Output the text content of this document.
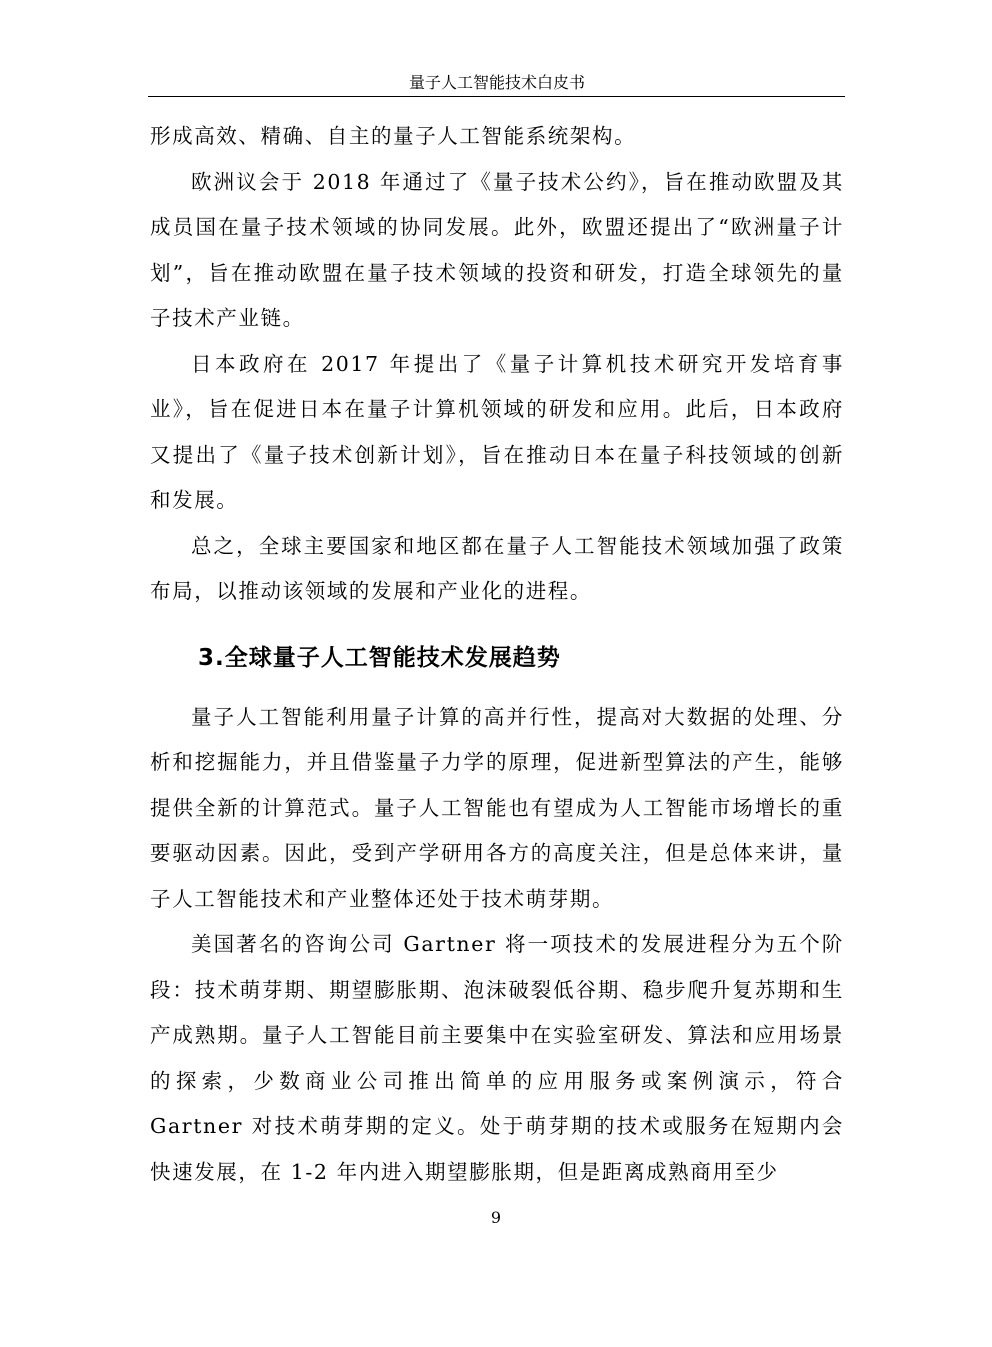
量子人工智能技术白皮书

形成高效、精确、自主的量子人工智能系统架构。

欧洲议会于 2018 年通过了《量子技术公约》，旨在推动欧盟及其成员国在量子技术领域的协同发展。此外，欧盟还提出了“欧洲量子计划”，旨在推动欧盟在量子技术领域的投资和研发，打造全球领先的量子技术产业链。

日本政府在 2017 年提出了《量子计算机技术研究开发培育事业》，旨在促进日本在量子计算机领域的研发和应用。此后，日本政府又提出了《量子技术创新计划》，旨在推动日本在量子科技领域的创新和发展。

总之，全球主要国家和地区都在量子人工智能技术领域加强了政策布局，以推动该领域的发展和产业化的进程。

3.全球量子人工智能技术发展趋势

量子人工智能利用量子计算的高并行性，提高对大数据的处理、分析和挖掘能力，并且借鉴量子力学的原理，促进新型算法的产生，能够提供全新的计算范式。量子人工智能也有望成为人工智能市场增长的重要驱动因素。因此，受到产学研用各方的高度关注，但是总体来讲，量子人工智能技术和产业整体还处于技术萌芽期。

美国著名的咨询公司 Gartner 将一项技术的发展进程分为五个阶段：技术萌芽期、期望膨胀期、泡沫破裂低谷期、稳步爬升复苏期和生产成熟期。量子人工智能目前主要集中在实验室研发、算法和应用场景的探索，少数商业公司推出简单的应用服务或案例演示，符合 Gartner 对技术萌芽期的定义。处于萌芽期的技术或服务在短期内会快速发展，在 1-2 年内进入期望膨胀期，但是距离成熟商用至少

9
